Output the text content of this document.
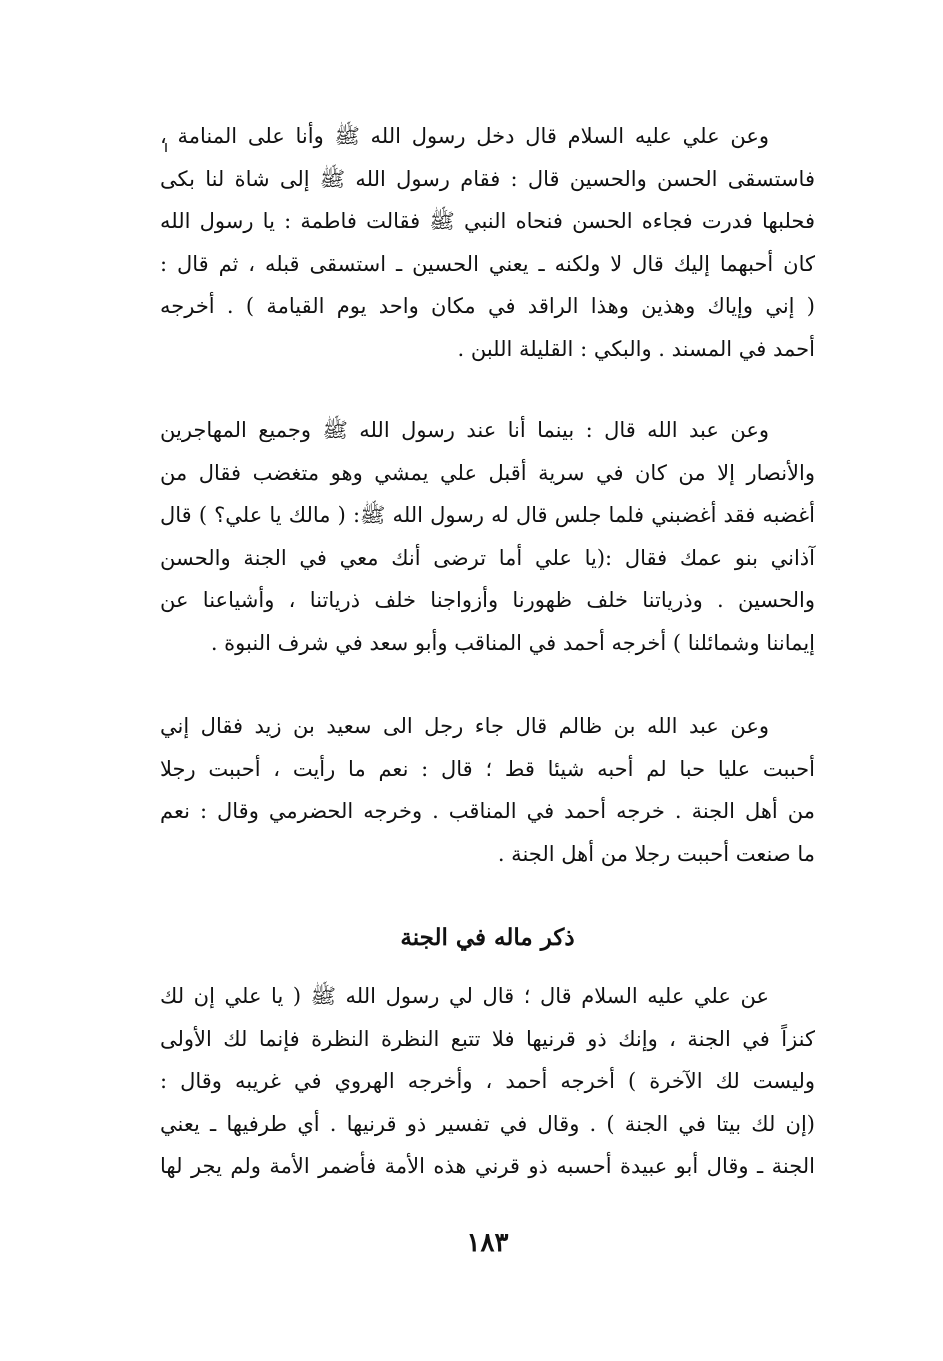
وعن علي عليه السلام قال دخل رسول الله ﷺ وأنا على المنامة ،
فاستسقى الحسن والحسين قال : فقام رسول الله ﷺ إلى شاة لنا بكى
فحلبها فدرت فجاءه الحسن فنحاه النبي ﷺ فقالت فاطمة : يا رسول الله
كان أحبهما إليك قال لا ولكنه ـ يعني الحسين ـ استسقى قبله ، ثم قال :
( إني وإياك وهذين وهذا الراقد في مكان واحد يوم القيامة ) . أخرجه
أحمد في المسند . والبكي : القليلة اللبن .
وعن عبد الله قال : بينما أنا عند رسول الله ﷺ وجميع المهاجرين
والأنصار إلا من كان في سرية أقبل علي يمشي وهو متغضب فقال من
أغضبه فقد أغضبني فلما جلس قال له رسول الله ﷺ: ( مالك يا علي؟ ) قال
آذاني بنو عمك فقال :(يا علي أما ترضى أنك معي في الجنة والحسن
والحسين . وذرياتنا خلف ظهورنا وأزواجنا خلف ذرياتنا ، وأشياعنا عن
إيماننا وشمائلنا ) أخرجه أحمد في المناقب وأبو سعد في شرف النبوة .
وعن عبد الله بن ظالم قال جاء رجل الى سعيد بن زيد فقال إني
أحببت عليا حبا لم أحبه شيئا قط ؛ قال : نعم ما رأيت ، أحببت رجلا
من أهل الجنة . خرجه أحمد في المناقب . وخرجه الحضرمي وقال : نعم
ما صنعت أحببت رجلا من أهل الجنة .
ذكر ماله في الجنة
عن علي عليه السلام قال ؛ قال لي رسول الله ﷺ ( يا علي إن لك
كنزاً في الجنة ، وإنك ذو قرنيها فلا تتبع النظرة النظرة فإنما لك الأولى
وليست لك الآخرة ) أخرجه أحمد ، وأخرجه الهروي في غريبه وقال :
(إن لك بيتا في الجنة ) . وقال في تفسير ذو قرنيها . أي طرفيها ـ يعني
الجنة ـ وقال أبو عبيدة أحسبه ذو قرني هذه الأمة فأضمر الأمة ولم يجر لها
١٨٣
